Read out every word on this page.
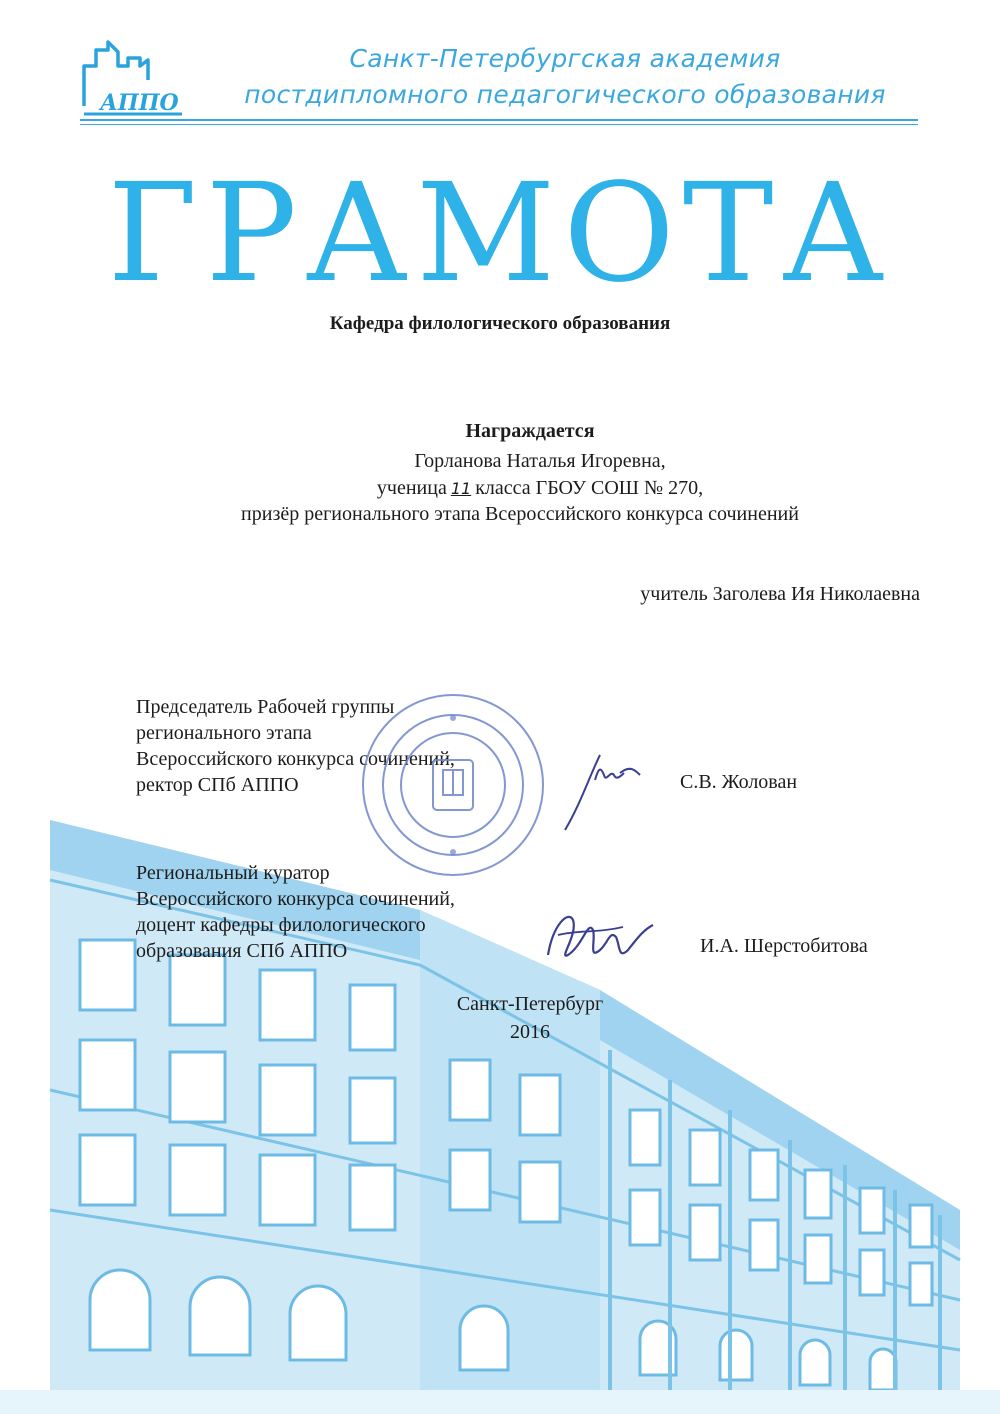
АППО
Санкт-Петербургская академия
постдипломного педагогического образования
ГРАМОТА
Кафедра филологического образования
Награждается
Горланова Наталья Игоревна,
ученица 11 класса ГБОУ СОШ № 270,
призёр регионального этапа Всероссийского конкурса сочинений
учитель Заголева Ия Николаевна
Председатель Рабочей группы
регионального этапа
Всероссийского конкурса сочинений,
ректор СПб АППО	С.В. Жолован
Региональный куратор
Всероссийского конкурса сочинений,
доцент кафедры филологического
образования СПб АППО	И.А. Шерстобитова
Санкт-Петербург
2016
